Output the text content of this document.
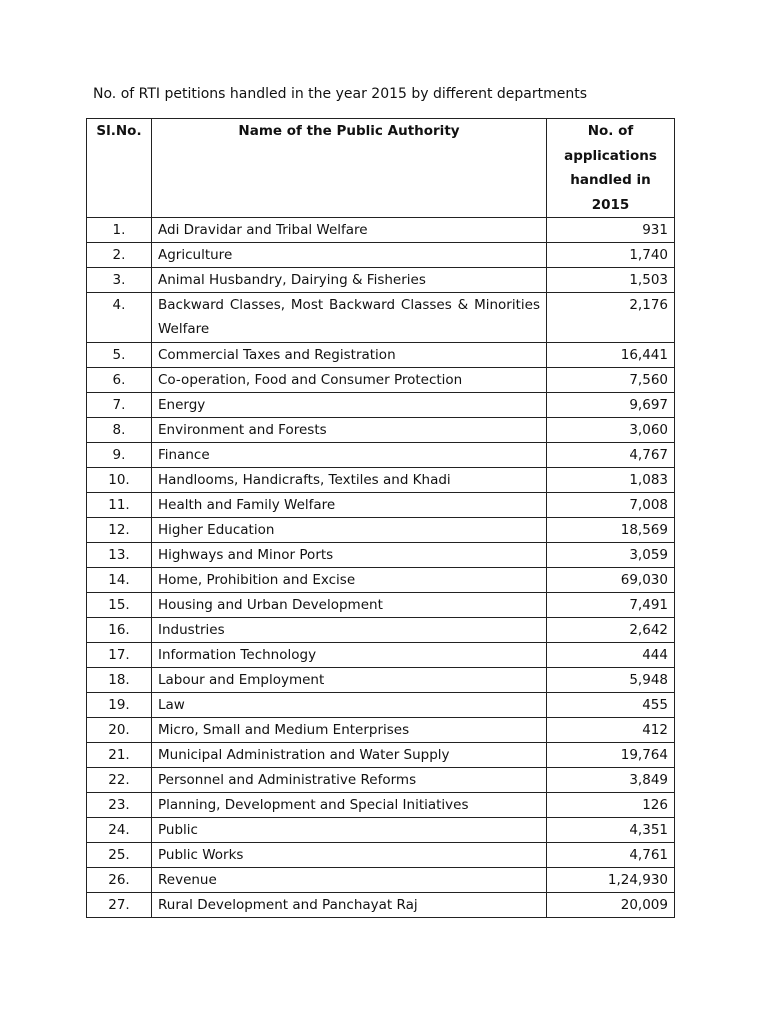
No. of RTI petitions handled in the year 2015 by different departments
Sl.No.	Name of the Public Authority	No. of applications handled in 2015
1.	Adi Dravidar and Tribal Welfare	931
2.	Agriculture	1,740
3.	Animal Husbandry, Dairying & Fisheries	1,503
4.	Backward Classes, Most Backward Classes & Minorities Welfare	2,176
5.	Commercial Taxes and Registration	16,441
6.	Co-operation, Food and Consumer Protection	7,560
7.	Energy	9,697
8.	Environment and Forests	3,060
9.	Finance	4,767
10.	Handlooms, Handicrafts, Textiles and Khadi	1,083
11.	Health and Family Welfare	7,008
12.	Higher Education	18,569
13.	Highways and Minor Ports	3,059
14.	Home, Prohibition and Excise	69,030
15.	Housing and Urban Development	7,491
16.	Industries	2,642
17.	Information Technology	444
18.	Labour and Employment	5,948
19.	Law	455
20.	Micro, Small and Medium Enterprises	412
21.	Municipal Administration and Water Supply	19,764
22.	Personnel and Administrative Reforms	3,849
23.	Planning, Development and Special Initiatives	126
24.	Public	4,351
25.	Public Works	4,761
26.	Revenue	1,24,930
27.	Rural Development and Panchayat Raj	20,009
